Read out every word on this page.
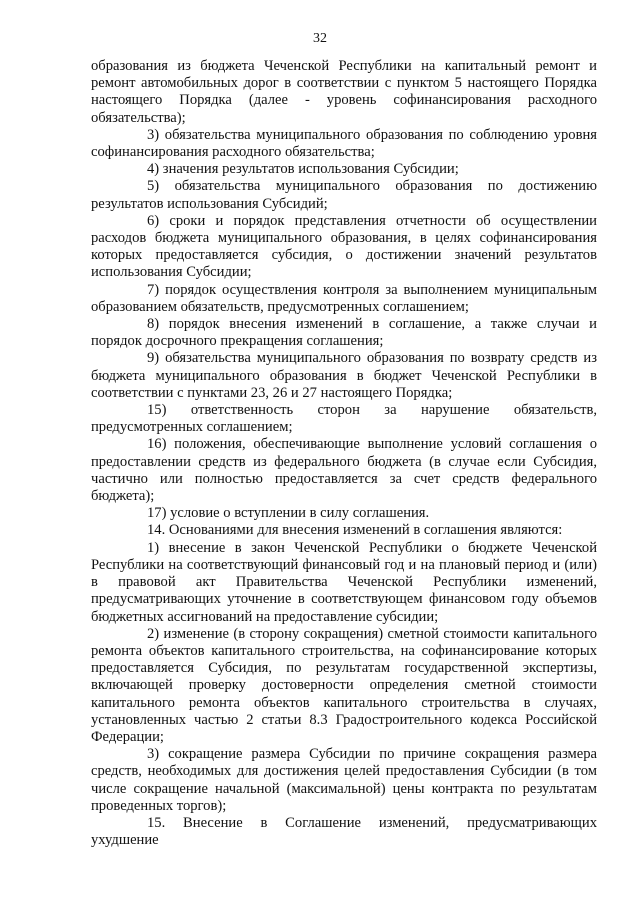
32

образования из бюджета Чеченской Республики на капитальный ремонт и ремонт автомобильных дорог в соответствии с пунктом 5 настоящего Порядка настоящего Порядка (далее - уровень софинансирования расходного обязательства);

3) обязательства муниципального образования по соблюдению уровня софинансирования расходного обязательства;

4) значения результатов использования Субсидии;

5) обязательства муниципального образования по достижению результатов использования Субсидий;

6) сроки и порядок представления отчетности об осуществлении расходов бюджета муниципального образования, в целях софинансирования которых предоставляется субсидия, о достижении значений результатов использования Субсидии;

7) порядок осуществления контроля за выполнением муниципальным образованием обязательств, предусмотренных соглашением;

8) порядок внесения изменений в соглашение, а также случаи и порядок досрочного прекращения соглашения;

9) обязательства муниципального образования по возврату средств из бюджета муниципального образования в бюджет Чеченской Республики в соответствии с пунктами 23, 26 и 27 настоящего Порядка;

15) ответственность сторон за нарушение обязательств, предусмотренных соглашением;

16) положения, обеспечивающие выполнение условий соглашения о предоставлении средств из федерального бюджета (в случае если Субсидия, частично или полностью предоставляется за счет средств федерального бюджета);

17) условие о вступлении в силу соглашения.

14. Основаниями для внесения изменений в соглашения являются:

1) внесение в закон Чеченской Республики о бюджете Чеченской Республики на соответствующий финансовый год и на плановый период и (или) в правовой акт Правительства Чеченской Республики изменений, предусматривающих уточнение в соответствующем финансовом году объемов бюджетных ассигнований на предоставление субсидии;

2) изменение (в сторону сокращения) сметной стоимости капитального ремонта объектов капитального строительства, на софинансирование которых предоставляется Субсидия, по результатам государственной экспертизы, включающей проверку достоверности определения сметной стоимости капитального ремонта объектов капитального строительства в случаях, установленных частью 2 статьи 8.3 Градостроительного кодекса Российской Федерации;

3) сокращение размера Субсидии по причине сокращения размера средств, необходимых для достижения целей предоставления Субсидии (в том числе сокращение начальной (максимальной) цены контракта по результатам проведенных торгов);

15. Внесение в Соглашение изменений, предусматривающих ухудшение
